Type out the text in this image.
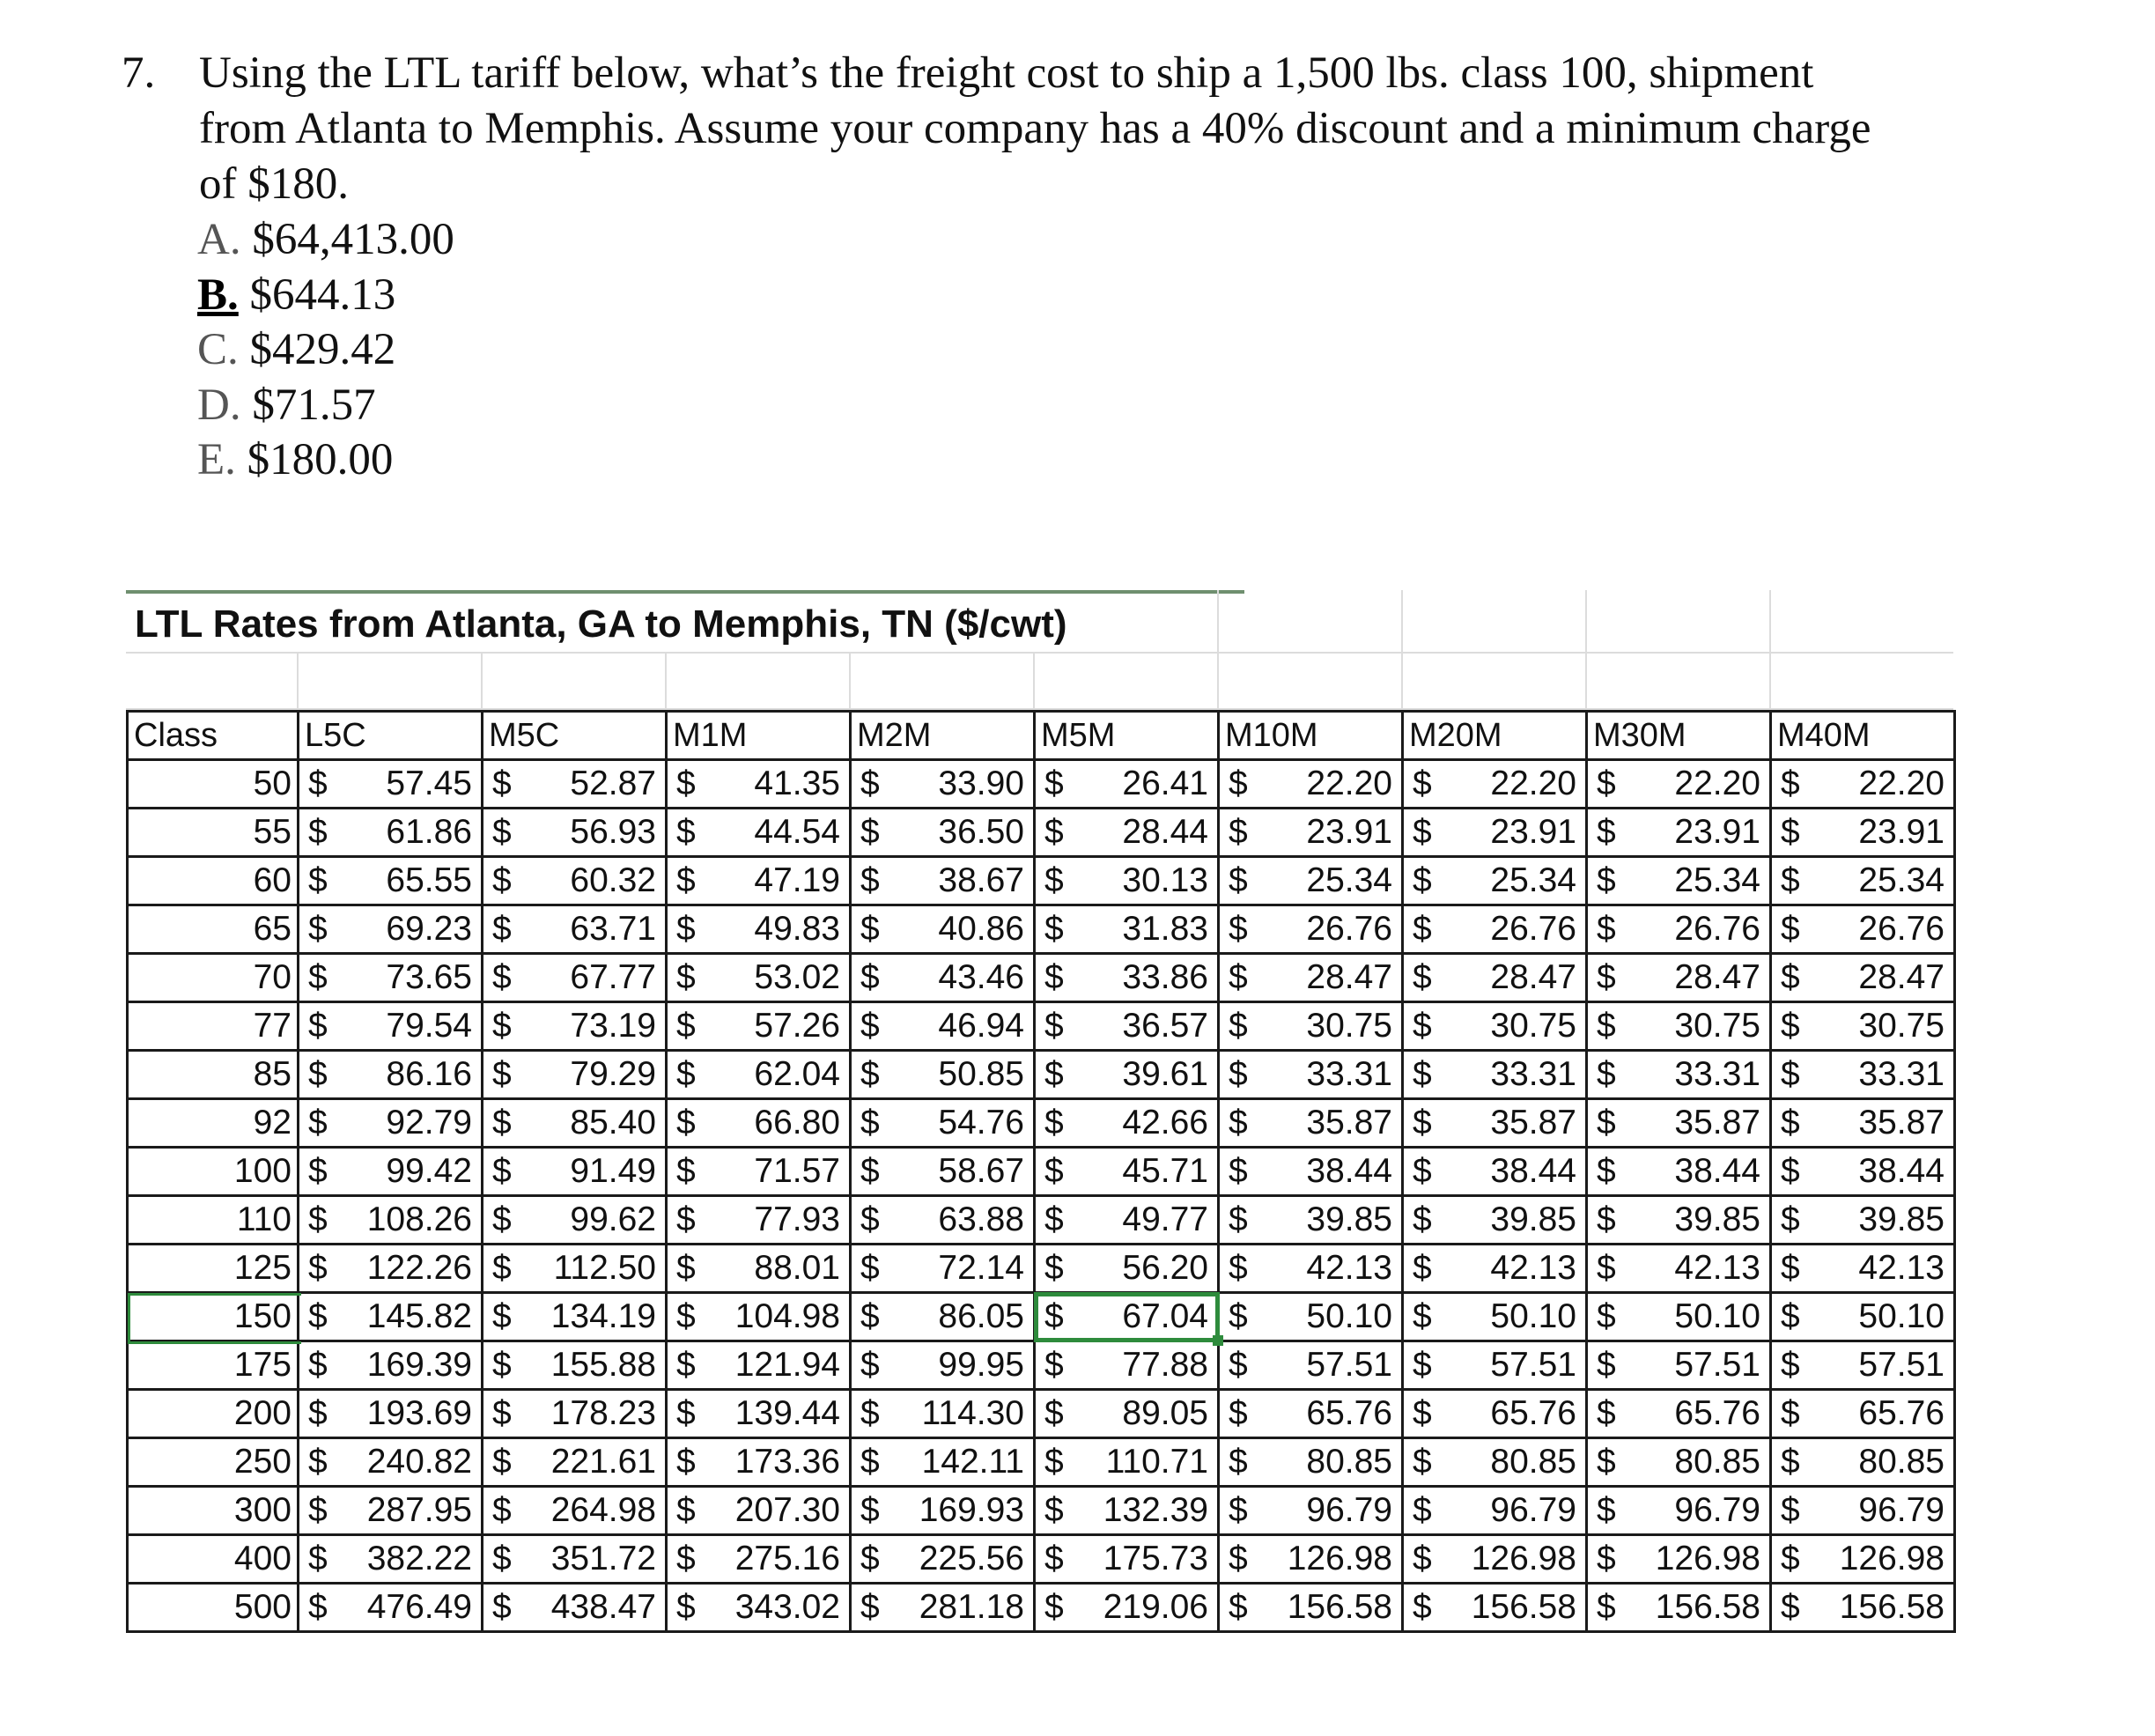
7. Using the LTL tariff below, what’s the freight cost to ship a 1,500 lbs. class 100, shipment
from Atlanta to Memphis. Assume your company has a 40% discount and a minimum charge
of $180.
A. $64,413.00
B. $644.13
C. $429.42
D. $71.57
E. $180.00
LTL Rates from Atlanta, GA to Memphis, TN ($/cwt)
Class	L5C	M5C	M1M	M2M	M5M	M10M	M20M	M30M	M40M
50	$ 57.45	$ 52.87	$ 41.35	$ 33.90	$ 26.41	$ 22.20	$ 22.20	$ 22.20	$ 22.20

55	$ 61.86	$ 56.93	$ 44.54	$ 36.50	$ 28.44	$ 23.91	$ 23.91	$ 23.91	$ 23.91

60	$ 65.55	$ 60.32	$ 47.19	$ 38.67	$ 30.13	$ 25.34	$ 25.34	$ 25.34	$ 25.34

65	$ 69.23	$ 63.71	$ 49.83	$ 40.86	$ 31.83	$ 26.76	$ 26.76	$ 26.76	$ 26.76

70	$ 73.65	$ 67.77	$ 53.02	$ 43.46	$ 33.86	$ 28.47	$ 28.47	$ 28.47	$ 28.47

77	$ 79.54	$ 73.19	$ 57.26	$ 46.94	$ 36.57	$ 30.75	$ 30.75	$ 30.75	$ 30.75

85	$ 86.16	$ 79.29	$ 62.04	$ 50.85	$ 39.61	$ 33.31	$ 33.31	$ 33.31	$ 33.31

92	$ 92.79	$ 85.40	$ 66.80	$ 54.76	$ 42.66	$ 35.87	$ 35.87	$ 35.87	$ 35.87

100	$ 99.42	$ 91.49	$ 71.57	$ 58.67	$ 45.71	$ 38.44	$ 38.44	$ 38.44	$ 38.44

110	$ 108.26	$ 99.62	$ 77.93	$ 63.88	$ 49.77	$ 39.85	$ 39.85	$ 39.85	$ 39.85

125	$ 122.26	$ 112.50	$ 88.01	$ 72.14	$ 56.20	$ 42.13	$ 42.13	$ 42.13	$ 42.13

150	$ 145.82	$ 134.19	$ 104.98	$ 86.05	$ 67.04	$ 50.10	$ 50.10	$ 50.10	$ 50.10

175	$ 169.39	$ 155.88	$ 121.94	$ 99.95	$ 77.88	$ 57.51	$ 57.51	$ 57.51	$ 57.51

200	$ 193.69	$ 178.23	$ 139.44	$ 114.30	$ 89.05	$ 65.76	$ 65.76	$ 65.76	$ 65.76

250	$ 240.82	$ 221.61	$ 173.36	$ 142.11	$ 110.71	$ 80.85	$ 80.85	$ 80.85	$ 80.85

300	$ 287.95	$ 264.98	$ 207.30	$ 169.93	$ 132.39	$ 96.79	$ 96.79	$ 96.79	$ 96.79

400	$ 382.22	$ 351.72	$ 275.16	$ 225.56	$ 175.73	$ 126.98	$ 126.98	$ 126.98	$ 126.98

500	$ 476.49	$ 438.47	$ 343.02	$ 281.18	$ 219.06	$ 156.58	$ 156.58	$ 156.58	$ 156.58
